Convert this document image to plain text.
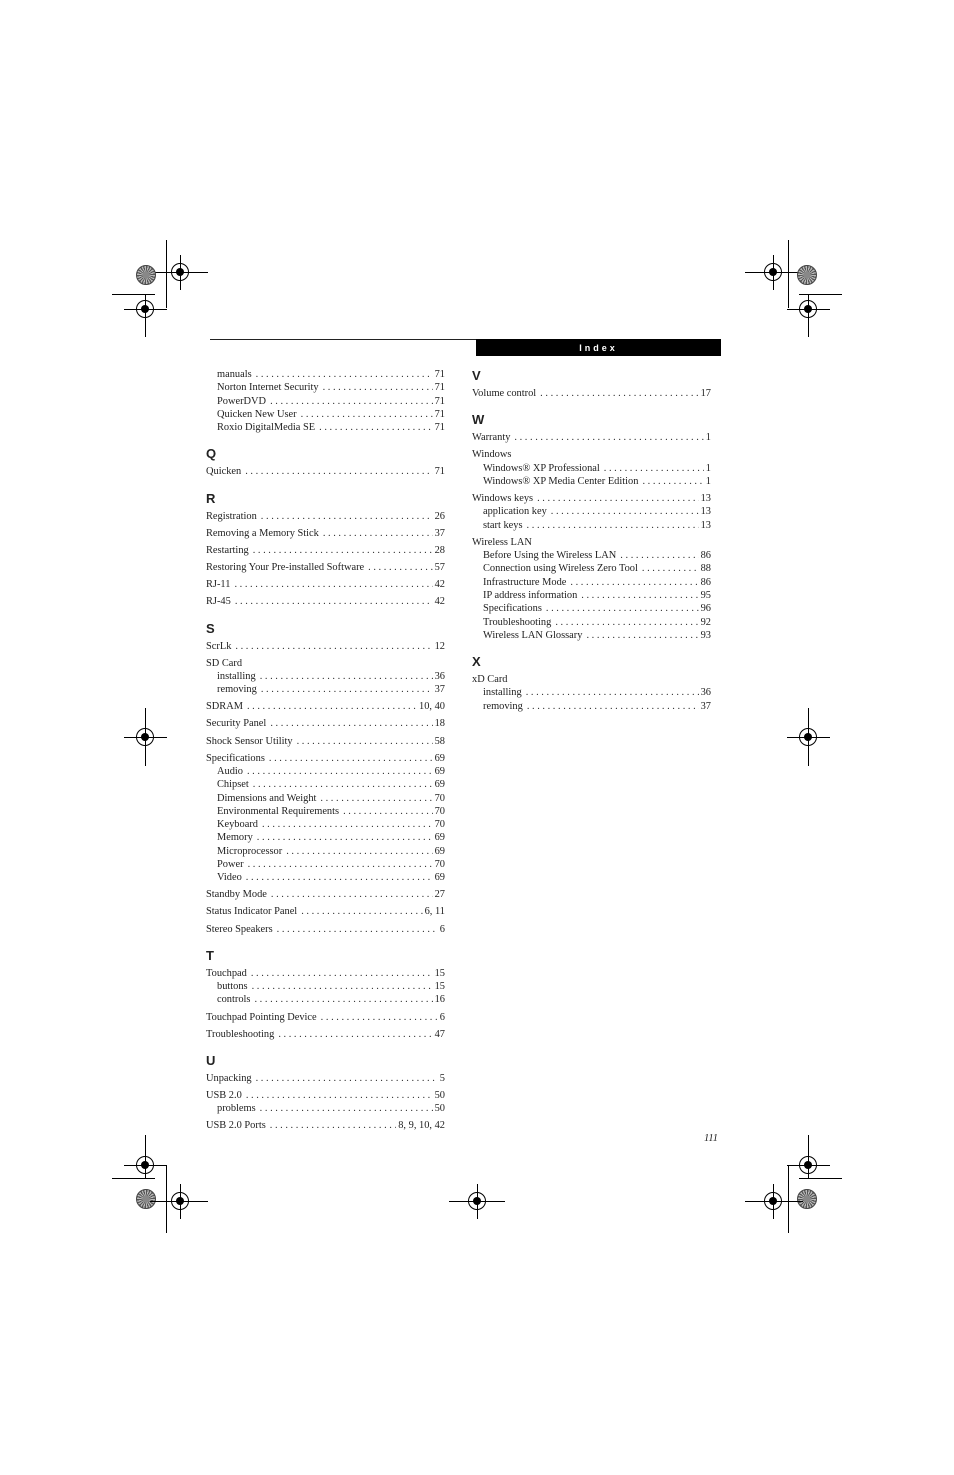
Index
manuals . . .	71
Norton Internet Security . . .	71
PowerDVD . . .	71
Quicken New User . . .	71
Roxio DigitalMedia SE . . .	71
Q
Quicken . . .	71
R
Registration . . .	26
Removing a Memory Stick . . .	37
Restarting . . .	28
Restoring Your Pre-installed Software . . .	57
RJ-11 . . .	42
RJ-45 . . .	42
S
ScrLk . . .	12
SD Card
installing . . .	36
removing . . .	37
SDRAM . . .	10, 40
Security Panel . . .	18
Shock Sensor Utility . . .	58
Specifications . . .	69
Audio . . .	69
Chipset . . .	69
Dimensions and Weight . . .	70
Environmental Requirements . . .	70
Keyboard . . .	70
Memory . . .	69
Microprocessor . . .	69
Power . . .	70
Video . . .	69
Standby Mode . . .	27
Status Indicator Panel . . .	6, 11
Stereo Speakers . . .	6
T
Touchpad . . .	15
buttons . . .	15
controls . . .	16
Touchpad Pointing Device . . .	6
Troubleshooting . . .	47
U
Unpacking . . .	5
USB 2.0 . . .	50
problems . . .	50
USB 2.0 Ports . . .	8, 9, 10, 42
V
Volume control . . .	17
W
Warranty . . .	1
Windows
Windows® XP Professional . . .	1
Windows® XP Media Center Edition . . .	1
Windows keys . . .	13
application key . . .	13
start keys . . .	13
Wireless LAN
Before Using the Wireless LAN . . .	86
Connection using Wireless Zero Tool . . .	88
Infrastructure Mode . . .	86
IP address information . . .	95
Specifications . . .	96
Troubleshooting . . .	92
Wireless LAN Glossary . . .	93
X
xD Card
installing . . .	36
removing . . .	37
111
